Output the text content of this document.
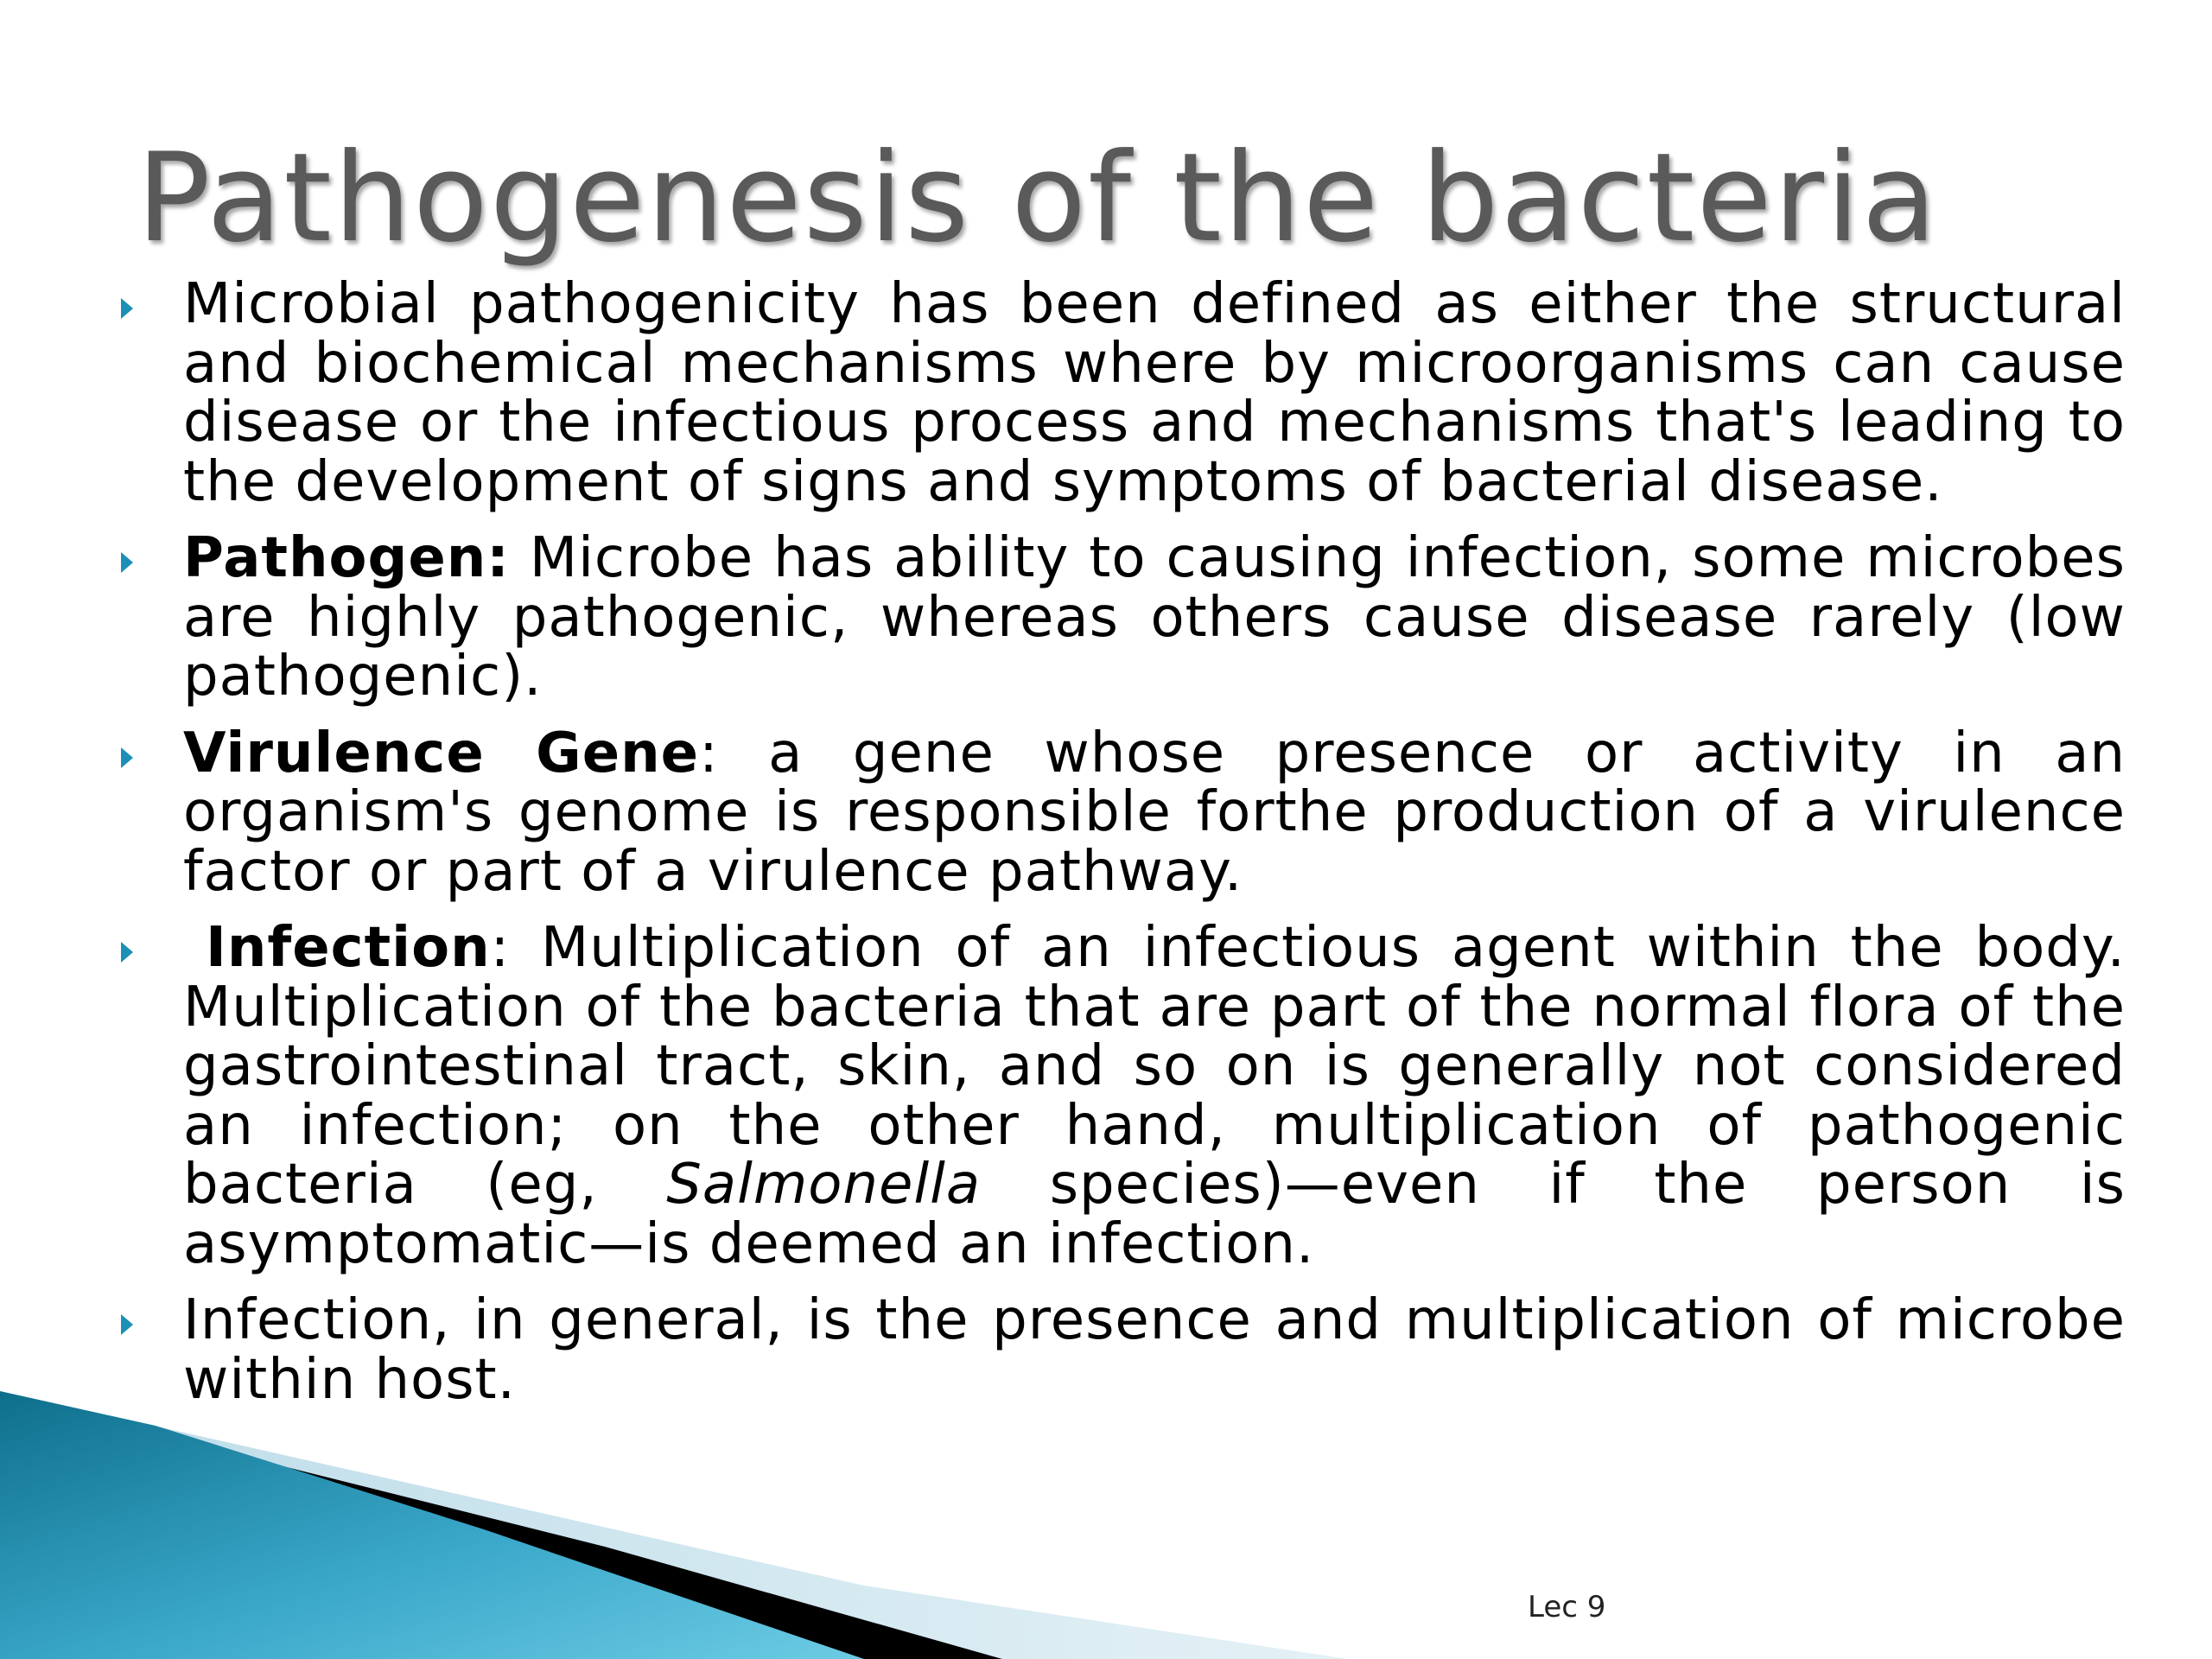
Pathogenesis of the bacteria
Microbial pathogenicity has been defined as either the structural and biochemical mechanisms where by microorganisms can cause disease or the infectious process and mechanisms that's leading to the development of signs and symptoms of bacterial disease.
Pathogen: Microbe has ability to causing infection, some microbes are highly pathogenic, whereas others cause disease rarely (low pathogenic).
Virulence Gene: a gene whose presence or activity in an organism's genome is responsible forthe production of a virulence factor or part of a virulence pathway.
Infection: Multiplication of an infectious agent within the body. Multiplication of the bacteria that are part of the normal flora of the gastrointestinal tract, skin, and so on is generally not considered an infection; on the other hand, multiplication of pathogenic bacteria (eg, Salmonella species)—even if the person is asymptomatic—is deemed an infection.
Infection, in general, is the presence and multiplication of microbe within host.
Lec 9
